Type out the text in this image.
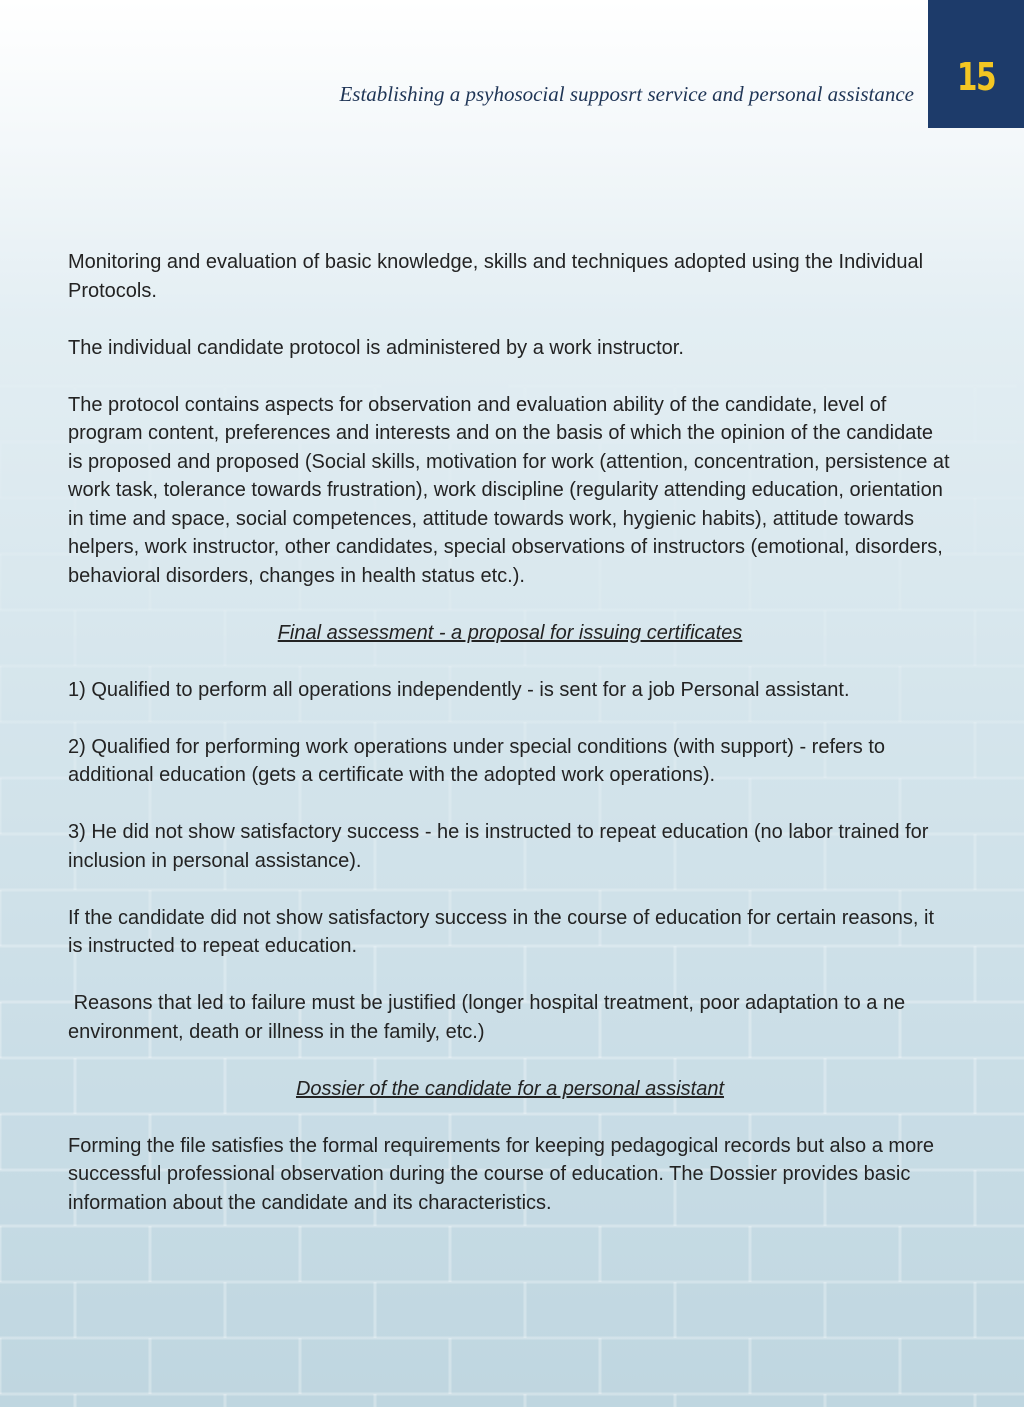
Establishing a psyhosocial supposrt service and personal assistance	15

Monitoring and evaluation of basic knowledge, skills and techniques adopted using the Individual Protocols.

The individual candidate protocol is administered by a work instructor.

The protocol contains aspects for observation and evaluation ability of the candidate, level of program content, preferences and interests and on the basis of which the opinion of the candidate is proposed and proposed (Social skills, motivation for work (attention, concentration, persistence at work task, tolerance towards frustration), work discipline (regularity attending education, orientation in time and space, social competences, attitude towards work, hygienic habits), attitude towards helpers, work instructor, other candidates, special observations of instructors (emotional, disorders, behavioral disorders, changes in health status etc.).

Final assessment - a proposal for issuing certificates

1) Qualified to perform all operations independently - is sent for a job Personal assistant.

2) Qualified for performing work operations under special conditions (with support) - refers to additional education (gets a certificate with the adopted work operations).

3) He did not show satisfactory success - he is instructed to repeat education (no labor trained for inclusion in personal assistance).

If the candidate did not show satisfactory success in the course of education for certain reasons, it is instructed to repeat education.

Reasons that led to failure must be justified (longer hospital treatment, poor adaptation to a ne environment, death or illness in the family, etc.)

Dossier of the candidate for a personal assistant

Forming the file satisfies the formal requirements for keeping pedagogical records but also a more successful professional observation during the course of education. The Dossier provides basic information about the candidate and its characteristics.
